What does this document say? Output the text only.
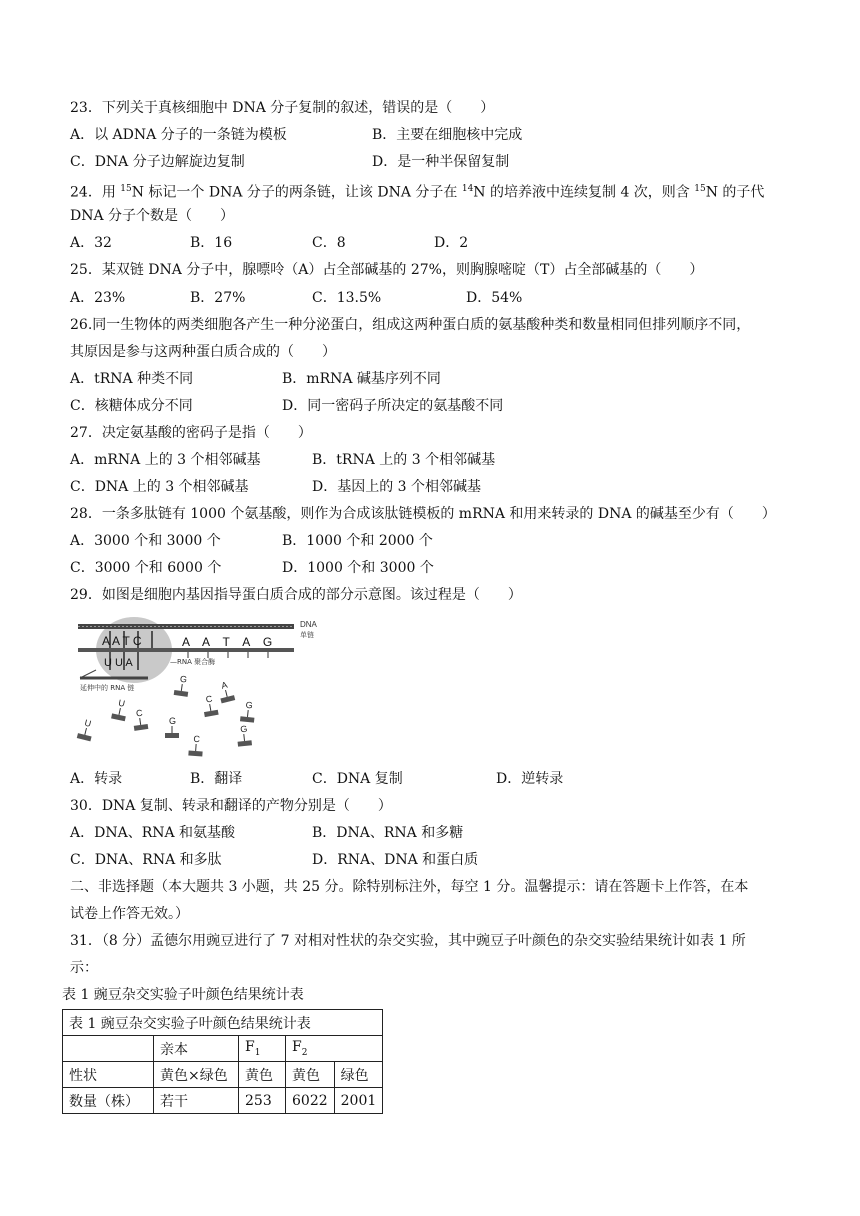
23．下列关于真核细胞中 DNA 分子复制的叙述，错误的是（　　）
A．以 ADNA 分子的一条链为模板	B．主要在细胞核中完成
C．DNA 分子边解旋边复制	D．是一种半保留复制
24．用 $^{15}$N 标记一个 DNA 分子的两条链，让该 DNA 分子在 $^{14}$N 的培养液中连续复制 4 次，则含 $^{15}$N 的子代
DNA 分子个数是（　　）
A．32	B．16	C．8	D．2
25．某双链 DNA 分子中，腺嘌呤（A）占全部碱基的 27%，则胸腺嘧啶（T）占全部碱基的（　　）
A．23%	B．27%	C．13.5%	D．54%
26.同一生物体的两类细胞各产生一种分泌蛋白，组成这两种蛋白质的氨基酸种类和数量相同但排列顺序不同，
其原因是参与这两种蛋白质合成的（　　）
A．tRNA 种类不同	B．mRNA 碱基序列不同
C．核糖体成分不同	D．同一密码子所决定的氨基酸不同
27．决定氨基酸的密码子是指（　　）
A．mRNA 上的 3 个相邻碱基	B．tRNA 上的 3 个相邻碱基
C．DNA 上的 3 个相邻碱基	D．基因上的 3 个相邻碱基
28．一条多肽链有 1000 个氨基酸，则作为合成该肽链模板的 mRNA 和用来转录的 DNA 的碱基至少有（　　）
A．3000 个和 3000 个	B．1000 个和 2000 个
C．3000 个和 6000 个	D．1000 个和 3000 个
29．如图是细胞内基因指导蛋白质合成的部分示意图。该过程是（　　）
A A T C	A A T A G
U U A
DNA
单链
—RNA 聚合酶
延伸中的 RNA 链
G
C
U
C
G
G
A
U
G
C
A．转录	B．翻译	C．DNA 复制	D．逆转录
30．DNA 复制、转录和翻译的产物分别是（　　）
A．DNA、RNA 和氨基酸	B．DNA、RNA 和多糖
C．DNA、RNA 和多肽	D．RNA、DNA 和蛋白质
二、非选择题（本大题共 3 小题，共 25 分。除特别标注外，每空 1 分。温馨提示：请在答题卡上作答，在本
试卷上作答无效。）
31．（8 分）孟德尔用豌豆进行了 7 对相对性状的杂交实验，其中豌豆子叶颜色的杂交实验结果统计如表 1 所
示：
表 1 豌豆杂交实验子叶颜色结果统计表
表 1 豌豆杂交实验子叶颜色结果统计表				
	亲本	$F_1$	$F_2$
性状	黄色×绿色	黄色	黄色	绿色
数量（株）	若干	253	6022	2001
